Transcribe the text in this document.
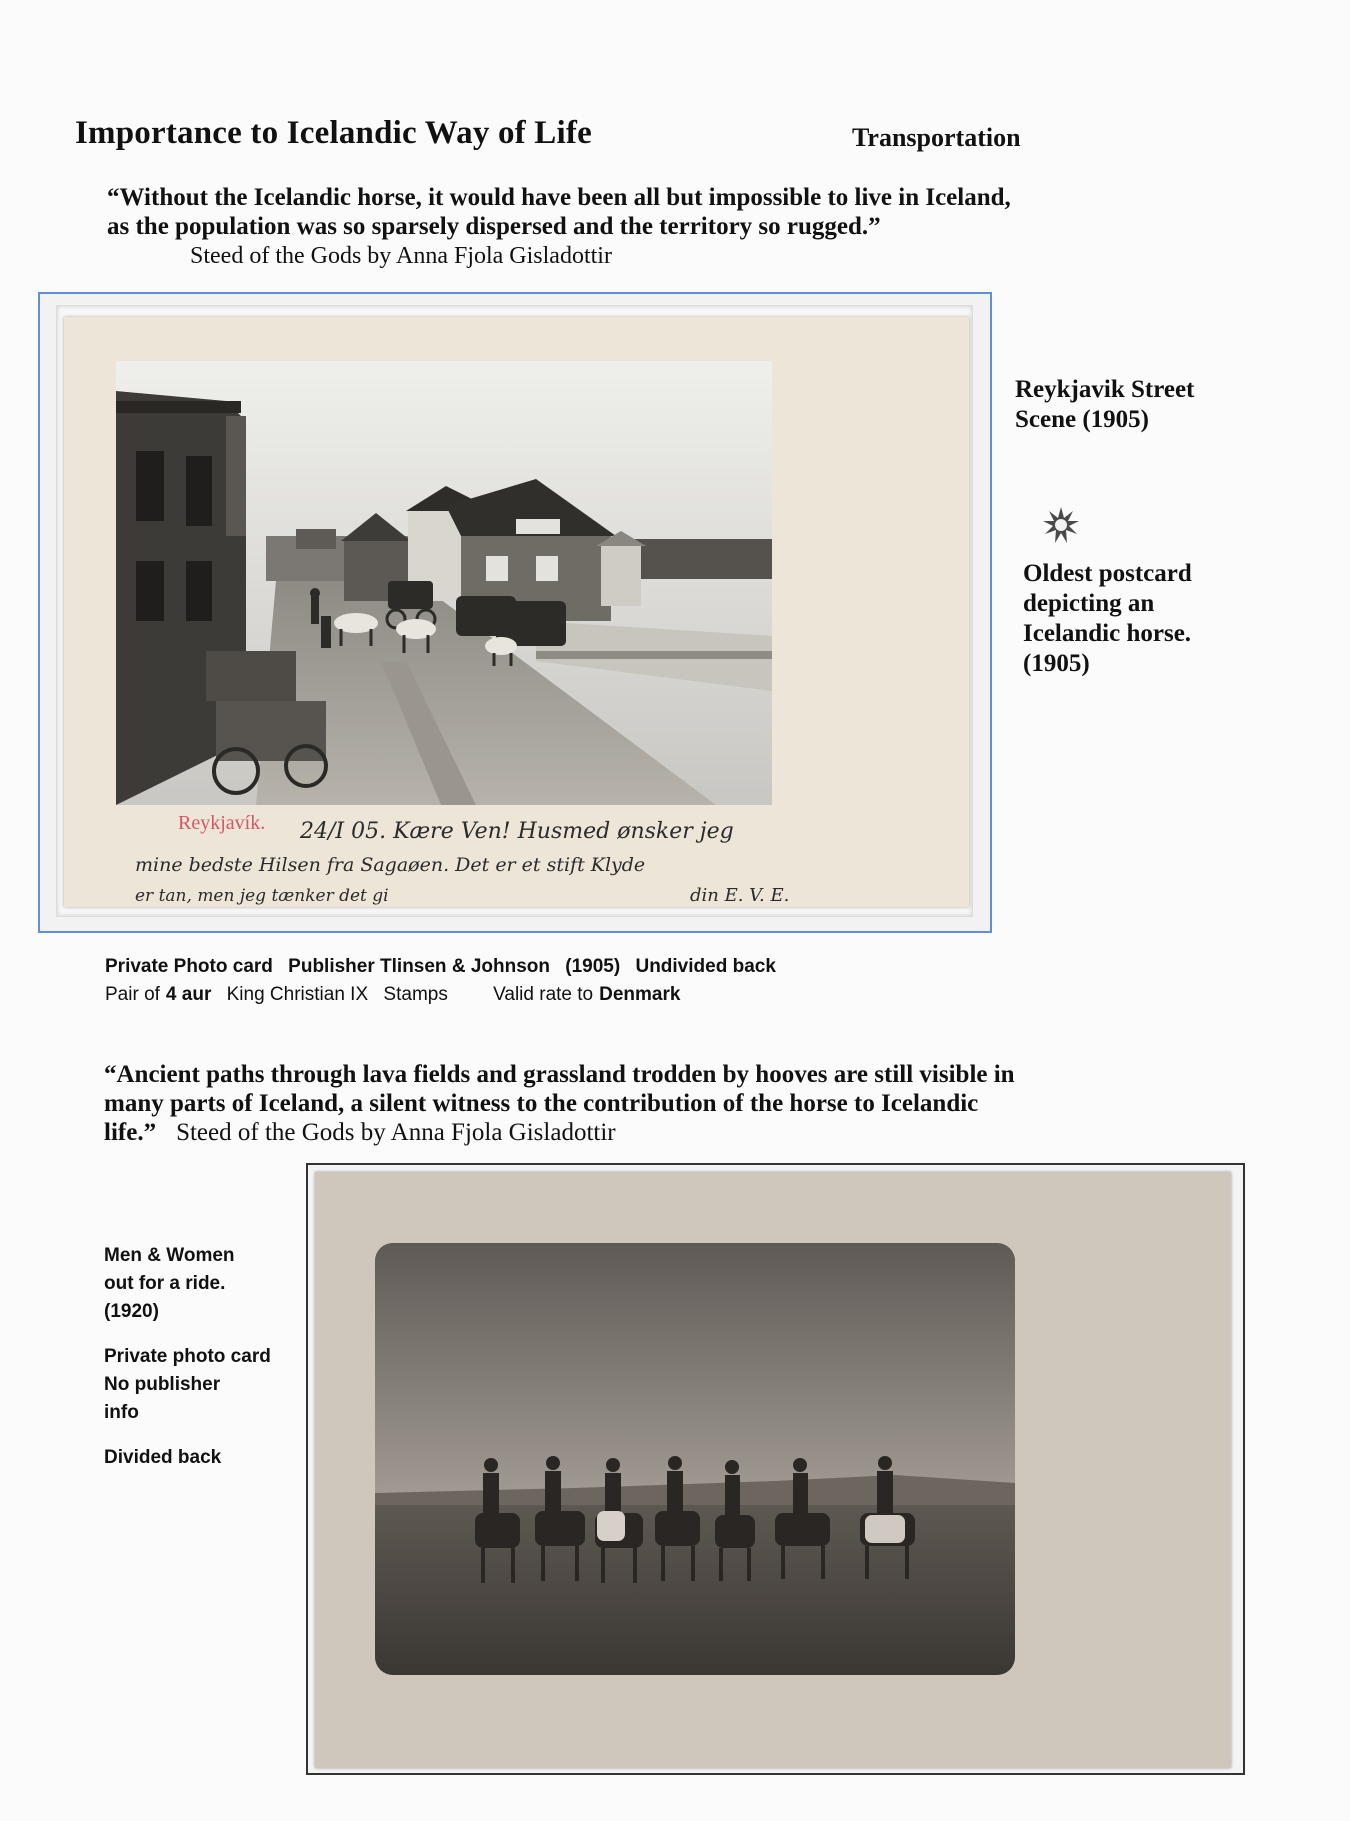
Importance to Icelandic Way of Life	Transportation
“Without the Icelandic horse, it would have been all but impossible to live in Iceland,
as the population was so sparsely dispersed and the territory so rugged.”
Steed of the Gods by Anna Fjola Gisladottir
Reykjavík. 24/I 05. Kære Ven! Husmed ønsker jeg
mine bedste Hilsen fra Sagaøen. Det er et stift Klyde
er tan, men jeg tænker det gi	din E. V. E.
Reykjavik Street
Scene (1905)
Oldest postcard
depicting an
Icelandic horse.
(1905)
Private Photo card Publisher Tlinsen & Johnson (1905) Undivided back
Pair of 4 aur King Christian IX Stamps Valid rate to Denmark
“Ancient paths through lava fields and grassland trodden by hooves are still visible in
many parts of Iceland, a silent witness to the contribution of the horse to Icelandic
life.” Steed of the Gods by Anna Fjola Gisladottir

Men & Women
out for a ride.
(1920)

Private photo card
No publisher
info

Divided back
